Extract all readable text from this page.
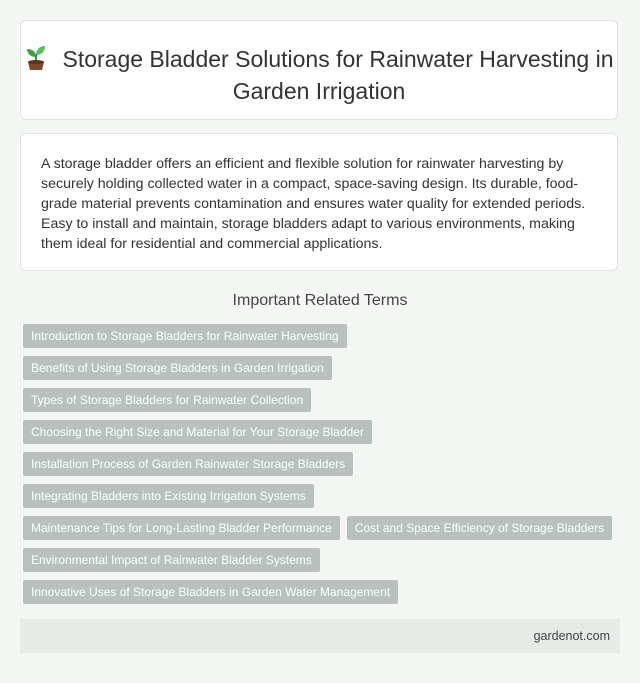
Storage Bladder Solutions for Rainwater Harvesting in Garden Irrigation

A storage bladder offers an efficient and flexible solution for rainwater harvesting by securely holding collected water in a compact, space-saving design. Its durable, food-grade material prevents contamination and ensures water quality for extended periods. Easy to install and maintain, storage bladders adapt to various environments, making them ideal for residential and commercial applications.

Important Related Terms
Introduction to Storage Bladders for Rainwater Harvesting
Benefits of Using Storage Bladders in Garden Irrigation
Types of Storage Bladders for Rainwater Collection
Choosing the Right Size and Material for Your Storage Bladder
Installation Process of Garden Rainwater Storage Bladders
Integrating Bladders into Existing Irrigation Systems
Maintenance Tips for Long-Lasting Bladder Performance	Cost and Space Efficiency of Storage Bladders
Environmental Impact of Rainwater Bladder Systems
Innovative Uses of Storage Bladders in Garden Water Management
gardenot.com
